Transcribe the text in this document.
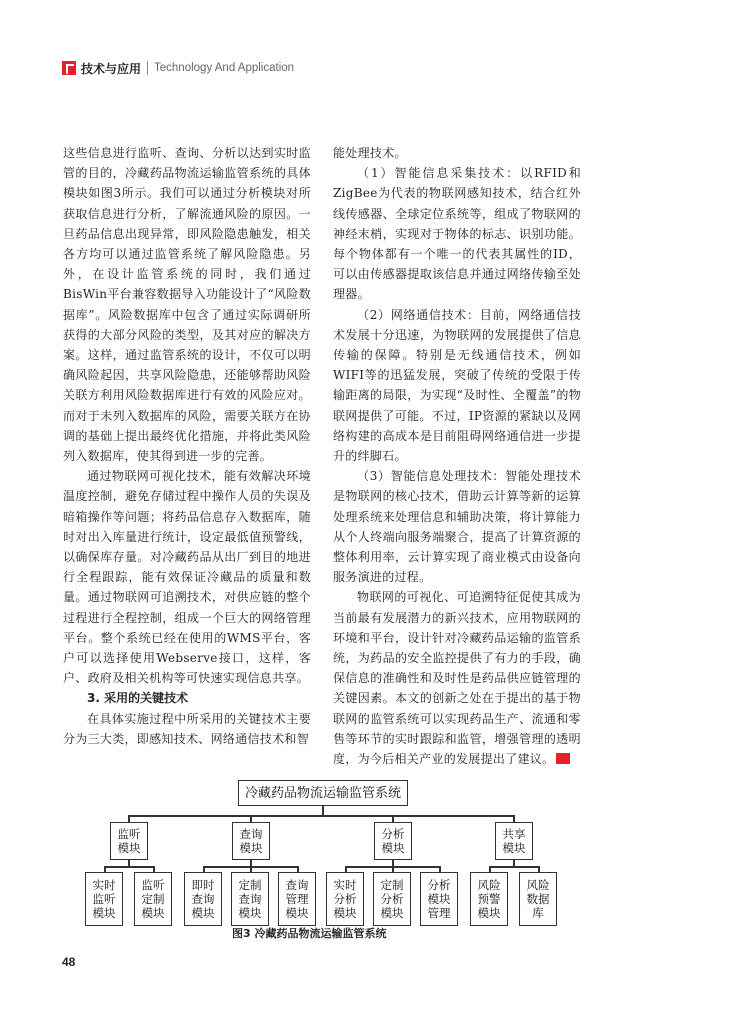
技术与应用 Technology And Application

这些信息进行监听、查询、分析以达到实时监管的目的，冷藏药品物流运输监管系统的具体模块如图3所示。我们可以通过分析模块对所获取信息进行分析，了解流通风险的原因。一旦药品信息出现异常，即风险隐患触发，相关各方均可以通过监管系统了解风险隐患。另外，在设计监管系统的同时，我们通过BisWin平台兼容数据导入功能设计了“风险数据库”。风险数据库中包含了通过实际调研所获得的大部分风险的类型，及其对应的解决方案。这样，通过监管系统的设计，不仅可以明确风险起因，共享风险隐患，还能够帮助风险关联方利用风险数据库进行有效的风险应对。而对于未列入数据库的风险，需要关联方在协调的基础上提出最终优化措施，并将此类风险列入数据库，使其得到进一步的完善。

通过物联网可视化技术，能有效解决环境温度控制，避免存储过程中操作人员的失误及暗箱操作等问题；将药品信息存入数据库，随时对出入库量进行统计，设定最低值预警线，以确保库存量。对冷藏药品从出厂到目的地进行全程跟踪，能有效保证冷藏品的质量和数量。通过物联网可追溯技术，对供应链的整个过程进行全程控制，组成一个巨大的网络管理平台。整个系统已经在使用的WMS平台，客户可以选择使用Webserve接口，这样，客户、政府及相关机构等可快速实现信息共享。

3. 采用的关键技术

在具体实施过程中所采用的关键技术主要分为三大类，即感知技术、网络通信技术和智

能处理技术。

（1）智能信息采集技术：以RFID和ZigBee为代表的物联网感知技术，结合红外线传感器、全球定位系统等，组成了物联网的神经末梢，实现对于物体的标志、识别功能。每个物体都有一个唯一的代表其属性的ID，可以由传感器提取该信息并通过网络传输至处理器。

（2）网络通信技术：目前，网络通信技术发展十分迅速，为物联网的发展提供了信息传输的保障。特别是无线通信技术，例如WIFI等的迅猛发展，突破了传统的受限于传输距离的局限，为实现“及时性、全覆盖”的物联网提供了可能。不过，IP资源的紧缺以及网络构建的高成本是目前阻碍网络通信进一步提升的绊脚石。

（3）智能信息处理技术：智能处理技术是物联网的核心技术，借助云计算等新的运算处理系统来处理信息和辅助决策，将计算能力从个人终端向服务端聚合，提高了计算资源的整体利用率，云计算实现了商业模式由设备向服务演进的过程。

物联网的可视化、可追溯特征促使其成为当前最有发展潜力的新兴技术，应用物联网的环境和平台，设计针对冷藏药品运输的监管系统，为药品的安全监控提供了有力的手段，确保信息的准确性和及时性是药品供应链管理的关键因素。本文的创新之处在于提出的基于物联网的监管系统可以实现药品生产、流通和零售等环节的实时跟踪和监管，增强管理的透明度，为今后相关产业的发展提出了建议。

冷藏药品物流运输监管系统
监听模块
查询模块
分析模块
共享模块
实时监听模块
监听定制模块
即时查询模块
定制查询模块
查询管理模块
实时分析模块
定制分析模块
分析模块管理
风险预警模块
风险数据库
图3 冷藏药品物流运输监管系统
48
